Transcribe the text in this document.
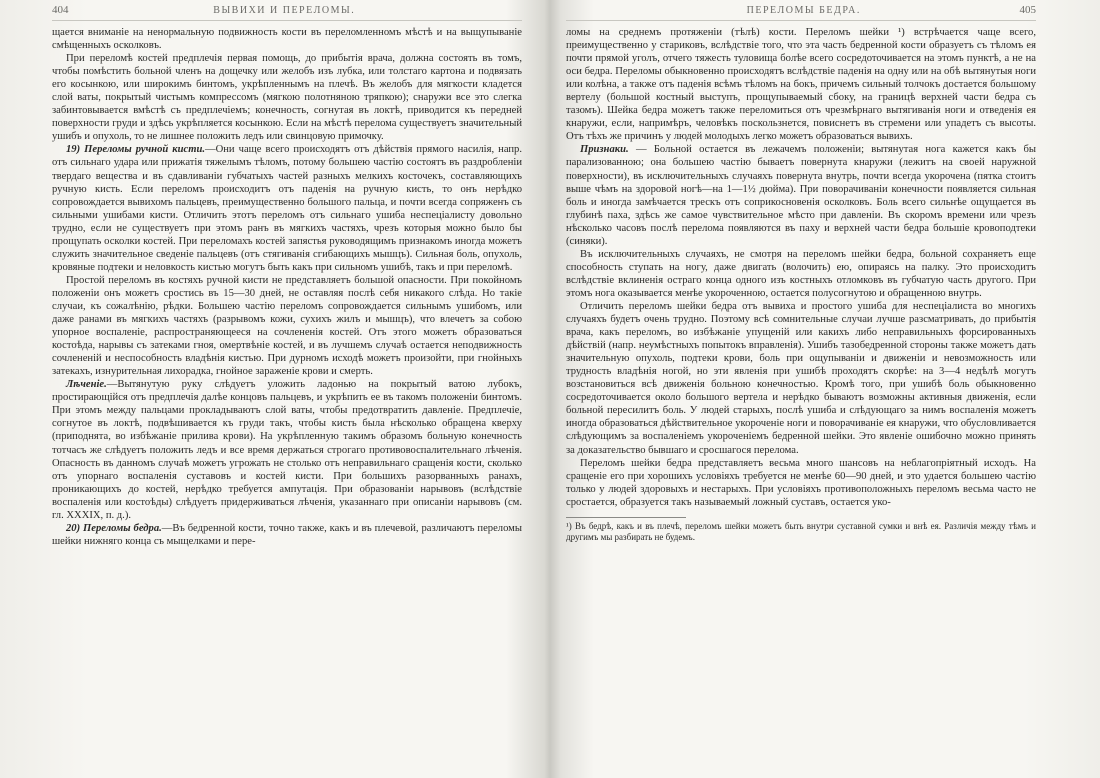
404	ВЫВИХИ И ПЕРЕЛОМЫ.

щается вниманіе на ненормальную подвижность кости въ переломленномъ мѣстѣ и на выщупываніе смѣщенныхъ осколковъ.

При переломѣ костей предплечія первая помощь, до прибытія врача, должна состоять въ томъ, чтобы помѣстить больной членъ на дощечку или желобъ изъ лубка, или толстаго картона и подвязать его косынкою, или широкимъ бинтомъ, укрѣпленнымъ на плечѣ. Въ желобъ для мягкости кладется слой ваты, покрытый чистымъ компрессомъ (мягкою полотняною тряпкою); снаружи все это слегка забинтовывается вмѣстѣ съ предплечіемъ; конечность, согнутая въ локтѣ, приводится къ передней поверхности груди и здѣсь укрѣпляется косынкою. Если на мѣстѣ перелома существуетъ значительный ушибъ и опухоль, то не лишнее положить ледъ или свинцовую примочку.

19) Переломы ручной кисти.—Они чаще всего происходятъ отъ дѣйствія прямого насилія, напр. отъ сильнаго удара или прижатія тяжелымъ тѣломъ, потому большею частію состоятъ въ раздробленіи твердаго вещества и въ сдавливаніи губчатыхъ частей разныхъ мелкихъ косточекъ, составляющихъ ручную кисть. Если переломъ происходитъ отъ паденія на ручную кисть, то онъ нерѣдко сопровождается вывихомъ пальцевъ, преимущественно большого пальца, и почти всегда сопряженъ съ сильными ушибами кисти. Отличить этотъ переломъ отъ сильнаго ушиба неспеціалисту довольно трудно, если не существуетъ при этомъ ранъ въ мягкихъ частяхъ, чрезъ которыя можно было бы прощупать осколки костей. При переломахъ костей запястья руководящимъ признакомъ иногда можетъ служить значительное сведеніе пальцевъ (отъ стягиванія сгибающихъ мышцъ). Сильная боль, опухоль, кровяные подтеки и неловкость кистью могутъ быть какъ при сильномъ ушибѣ, такъ и при переломѣ.

Простой переломъ въ костяхъ ручной кисти не представляетъ большой опасности. При покойномъ положеніи онъ можетъ сростись въ 15—30 дней, не оставляя послѣ себя никакого слѣда. Но такіе случаи, къ сожалѣнію, рѣдки. Большею частію переломъ сопровождается сильнымъ ушибомъ, или даже ранами въ мягкихъ частяхъ (разрывомъ кожи, сухихъ жилъ и мышцъ), что влечетъ за собою упорное воспаленіе, распространяющееся на сочлененія костей. Отъ этого можетъ образоваться костоѣда, нарывы съ затеками гноя, омертвѣніе костей, и въ лучшемъ случаѣ остается неподвижность сочлененій и неспособность владѣнія кистью. При дурномъ исходѣ можетъ произойти, при гнойныхъ затекахъ, изнурительная лихорадка, гнойное зараженіе крови и смерть.

Лѣченіе.—Вытянутую руку слѣдуетъ уложить ладонью на покрытый ватою лубокъ, простирающійся отъ предплечія далѣе концовъ пальцевъ, и укрѣпить ее въ такомъ положеніи бинтомъ. При этомъ между пальцами прокладываютъ слой ваты, чтобы предотвратить давленіе. Предплечіе, согнутое въ локтѣ, подвѣшивается къ груди такъ, чтобы кисть была нѣсколько обращена кверху (приподнята, во избѣжаніе прилива крови). На укрѣпленную такимъ образомъ больную конечность тотчасъ же слѣдуетъ положить ледъ и все время держаться строгаго противовоспалительнаго лѣченія. Опасность въ данномъ случаѣ можетъ угрожать не столько отъ неправильнаго сращенія кости, сколько отъ упорнаго воспаленія суставовъ и костей кисти. При большихъ разорванныхъ ранахъ, проникающихъ до костей, нерѣдко требуется ампутація. При образованіи нарывовъ (вслѣдствіе воспаленія или костоѣды) слѣдуетъ придерживаться лѣченія, указаннаго при описаніи нарывовъ (см. гл. XXXIX, п. д.).

20) Переломы бедра.—Въ бедренной кости, точно также, какъ и въ плечевой, различаютъ переломы шейки нижняго конца съ мыщелками и пере-

ПЕРЕЛОМЫ БЕДРА.	405

ломы на среднемъ протяженіи (тѣлѣ) кости. Переломъ шейки ¹) встрѣчается чаще всего, преимущественно у стариковъ, вслѣдствіе того, что эта часть бедренной кости образуетъ съ тѣломъ ея почти прямой уголъ, отчего тяжесть туловища болѣе всего сосредоточивается на этомъ пунктѣ, а не на оси бедра. Переломы обыкновенно происходятъ вслѣдствіе паденія на одну или на обѣ вытянутыя ноги или колѣна, а также отъ паденія всѣмъ тѣломъ на бокъ, причемъ сильный толчокъ достается большому вертелу (большой костный выступъ, прощупываемый сбоку, на границѣ верхней части бедра съ тазомъ). Шейка бедра можетъ также переломиться отъ чрезмѣрнаго вытягиванія ноги и отведенія ея кнаружи, если, напримѣръ, человѣкъ поскользнется, повиснетъ въ стремени или упадетъ съ высоты. Отъ тѣхъ же причинъ у людей молодыхъ легко можетъ образоваться вывихъ.

Признаки. — Больной остается въ лежачемъ положеніи; вытянутая нога кажется какъ бы парализованною; она большею частію бываетъ повернута кнаружи (лежитъ на своей наружной поверхности), въ исключительныхъ случаяхъ повернута внутрь, почти всегда укорочена (пятка стоитъ выше чѣмъ на здоровой ногѣ—на 1—1½ дюйма). При поворачиваніи конечности появляется сильная боль и иногда замѣчается трескъ отъ соприкосновенія осколковъ. Боль всего сильнѣе ощущается въ глубинѣ паха, здѣсь же самое чувствительное мѣсто при давленіи. Въ скоромъ времени или чрезъ нѣсколько часовъ послѣ перелома появляются въ паху и верхней части бедра большіе кровоподтеки (синяки).

Въ исключительныхъ случаяхъ, не смотря на переломъ шейки бедра, больной сохраняетъ еще способность ступать на ногу, даже двигать (волочить) ею, опираясь на палку. Это происходитъ вслѣдствіе вклиненія остраго конца одного изъ костныхъ отломковъ въ губчатую часть другого. При этомъ нога оказывается менѣе укороченною, остается полусогнутою и обращенною внутрь.

Отличить переломъ шейки бедра отъ вывиха и простого ушиба для неспеціалиста во многихъ случаяхъ будетъ очень трудно. Поэтому всѣ сомнительные случаи лучше разсматривать, до прибытія врача, какъ переломъ, во избѣжаніе упущеній или какихъ либо неправильныхъ форсированныхъ дѣйствій (напр. неумѣстныхъ попытокъ вправленія). Ушибъ тазобедренной стороны также можетъ дать значительную опухоль, подтеки крови, боль при ощупываніи и движеніи и невозможность или трудность владѣнія ногой, но эти явленія при ушибѣ проходятъ скорѣе: на 3—4 недѣлѣ могутъ возстановиться всѣ движенія больною конечностью. Кромѣ того, при ушибѣ боль обыкновенно сосредоточивается около большого вертела и нерѣдко бываютъ возможны активныя движенія, если больной пересилитъ боль. У людей старыхъ, послѣ ушиба и слѣдующаго за нимъ воспаленія можетъ иногда образоваться дѣйствительное укороченіе ноги и поворачиваніе ея кнаружи, что обусловливается слѣдующимъ за воспаленіемъ укороченіемъ бедренной шейки. Это явленіе ошибочно можно принять за доказательство бывшаго и сросшагося перелома.

Переломъ шейки бедра представляетъ весьма много шансовъ на неблагопріятный исходъ. На сращеніе его при хорошихъ условіяхъ требуется не менѣе 60—90 дней, и это удается большею частію только у людей здоровыхъ и нестарыхъ. При условіяхъ противоположныхъ переломъ весьма часто не сростается, образуется такъ называемый ложный суставъ, остается уко-

¹) Въ бедрѣ, какъ и въ плечѣ, переломъ шейки можетъ быть внутри суставной сумки и внѣ ея. Различія между тѣмъ и другимъ мы разбирать не будемъ.
